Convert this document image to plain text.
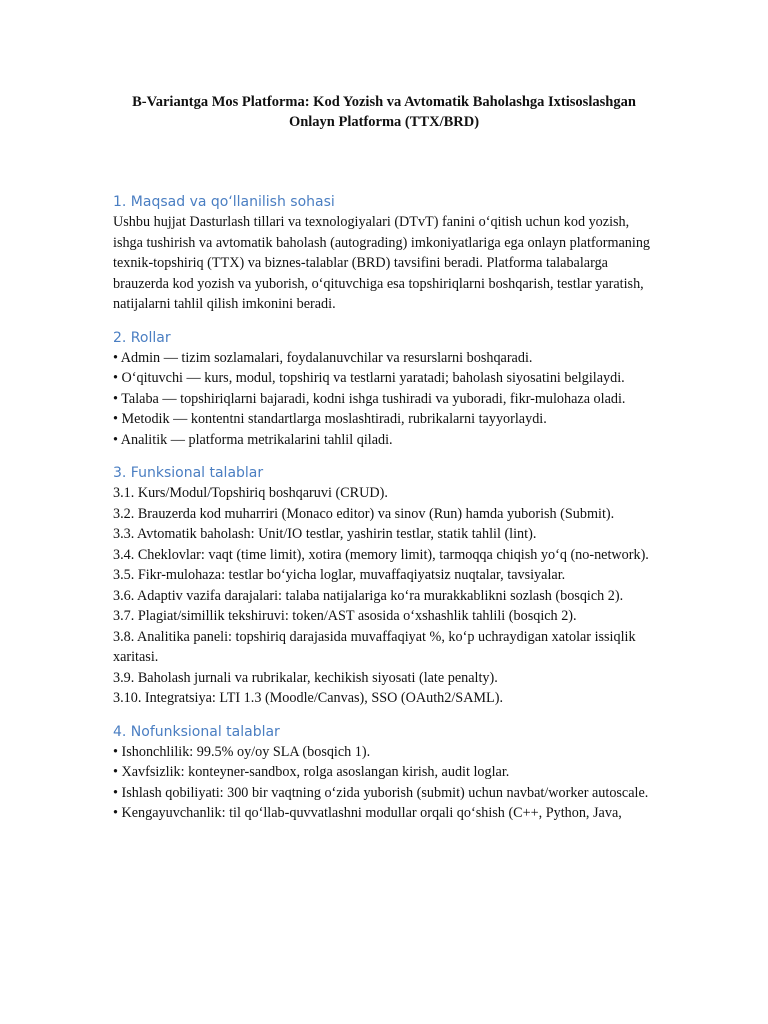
B-Variantga Mos Platforma: Kod Yozish va Avtomatik Baholashga Ixtisoslashgan
Onlayn Platforma (TTX/BRD)
1. Maqsad va qo‘llanilish sohasi

Ushbu hujjat Dasturlash tillari va texnologiyalari (DTvT) fanini o‘qitish uchun kod yozish, ishga tushirish va avtomatik baholash (autograding) imkoniyatlariga ega onlayn platformaning texnik-topshiriq (TTX) va biznes-talablar (BRD) tavsifini beradi. Platforma talabalarga brauzerda kod yozish va yuborish, o‘qituvchiga esa topshiriqlarni boshqarish, testlar yaratish, natijalarni tahlil qilish imkonini beradi.

2. Rollar
• Admin — tizim sozlamalari, foydalanuvchilar va resurslarni boshqaradi.
• O‘qituvchi — kurs, modul, topshiriq va testlarni yaratadi; baholash siyosatini belgilaydi.
• Talaba — topshiriqlarni bajaradi, kodni ishga tushiradi va yuboradi, fikr-mulohaza oladi.
• Metodik — kontentni standartlarga moslashtiradi, rubrikalarni tayyorlaydi.
• Analitik — platforma metrikalarini tahlil qiladi.
3. Funksional talablar
3.1. Kurs/Modul/Topshiriq boshqaruvi (CRUD).
3.2. Brauzerda kod muharriri (Monaco editor) va sinov (Run) hamda yuborish (Submit).
3.3. Avtomatik baholash: Unit/IO testlar, yashirin testlar, statik tahlil (lint).
3.4. Cheklovlar: vaqt (time limit), xotira (memory limit), tarmoqqa chiqish yo‘q (no-network).
3.5. Fikr-mulohaza: testlar bo‘yicha loglar, muvaffaqiyatsiz nuqtalar, tavsiyalar.
3.6. Adaptiv vazifa darajalari: talaba natijalariga ko‘ra murakkablikni sozlash (bosqich 2).
3.7. Plagiat/simillik tekshiruvi: token/AST asosida o‘xshashlik tahlili (bosqich 2).
3.8. Analitika paneli: topshiriq darajasida muvaffaqiyat %, ko‘p uchraydigan xatolar issiqlik xaritasi.
3.9. Baholash jurnali va rubrikalar, kechikish siyosati (late penalty).
3.10. Integratsiya: LTI 1.3 (Moodle/Canvas), SSO (OAuth2/SAML).
4. Nofunksional talablar
• Ishonchlilik: 99.5% oy/oy SLA (bosqich 1).
• Xavfsizlik: konteyner-sandbox, rolga asoslangan kirish, audit loglar.
• Ishlash qobiliyati: 300 bir vaqtning o‘zida yuborish (submit) uchun navbat/worker autoscale.
• Kengayuvchanlik: til qo‘llab-quvvatlashni modullar orqali qo‘shish (C++, Python, Java,
